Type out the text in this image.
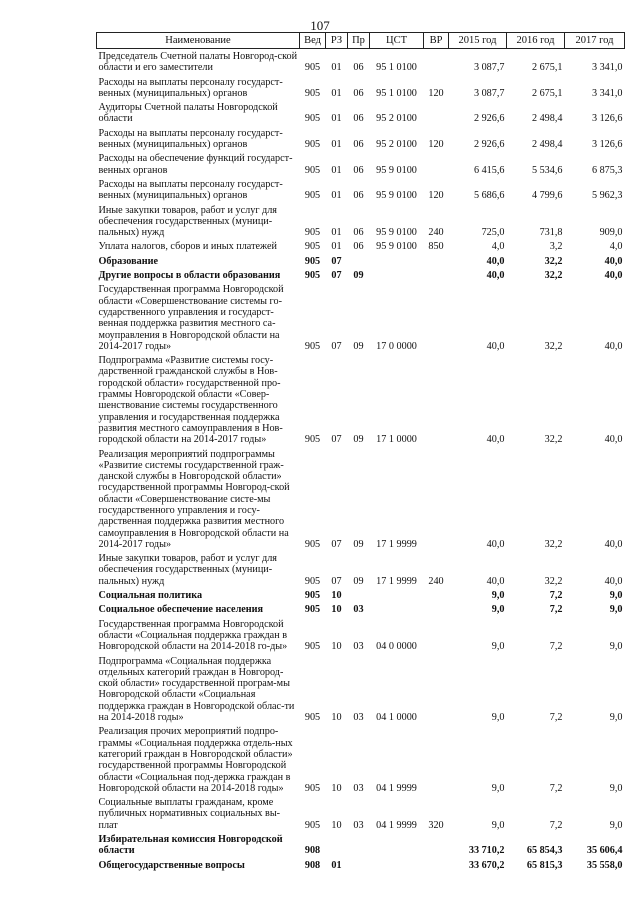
107
Наименование	Вед	РЗ	Пр	ЦСТ	ВР	2015 год	2016 год	2017 год
Председатель Счетной палаты Новгород-ской области и его заместители	905	01	06	95 1 0100		3 087,7	2 675,1	3 341,0
Расходы на выплаты персоналу государст-венных (муниципальных) органов	905	01	06	95 1 0100	120	3 087,7	2 675,1	3 341,0
Аудиторы Счетной палаты Новгородской области	905	01	06	95 2 0100		2 926,6	2 498,4	3 126,6
Расходы на выплаты персоналу государст-венных (муниципальных) органов	905	01	06	95 2 0100	120	2 926,6	2 498,4	3 126,6
Расходы на обеспечение функций государст-венных органов	905	01	06	95 9 0100		6 415,6	5 534,6	6 875,3
Расходы на выплаты персоналу государст-венных (муниципальных) органов	905	01	06	95 9 0100	120	5 686,6	4 799,6	5 962,3
Иные закупки товаров, работ и услуг для обеспечения государственных (муници-пальных) нужд	905	01	06	95 9 0100	240	725,0	731,8	909,0
Уплата налогов, сборов и иных платежей	905	01	06	95 9 0100	850	4,0	3,2	4,0
Образование	905	07				40,0	32,2	40,0
Другие вопросы в области образования	905	07	09			40,0	32,2	40,0
Государственная программа Новгородской области «Совершенствование системы го-сударственного управления и государст-венная поддержка развития местного са-моуправления в Новгородской области на 2014-2017 годы»	905	07	09	17 0 0000		40,0	32,2	40,0
Подпрограмма «Развитие системы госу-дарственной гражданской службы в Нов-городской области» государственной про-граммы Новгородской области «Совер-шенствование системы государственного управления и государственная поддержка развития местного самоуправления в Нов-городской области на 2014-2017 годы»	905	07	09	17 1 0000		40,0	32,2	40,0
Реализация мероприятий подпрограммы «Развитие системы государственной граж-данской службы в Новгородской области» государственной программы Новгород-ской области «Совершенствование систе-мы государственного управления и госу-дарственная поддержка развития местного самоуправления в Новгородской области на 2014-2017 годы»	905	07	09	17 1 9999		40,0	32,2	40,0
Иные закупки товаров, работ и услуг для обеспечения государственных (муници-пальных) нужд	905	07	09	17 1 9999	240	40,0	32,2	40,0
Социальная политика	905	10				9,0	7,2	9,0
Социальное обеспечение населения	905	10	03			9,0	7,2	9,0
Государственная программа Новгородской области «Социальная поддержка граждан в Новгородской области на 2014-2018 го-ды»	905	10	03	04 0 0000		9,0	7,2	9,0
Подпрограмма «Социальная поддержка отдельных категорий граждан в Новгород-ской области» государственной програм-мы Новгородской области «Социальная поддержка граждан в Новгородской облас-ти на 2014-2018 годы»	905	10	03	04 1 0000		9,0	7,2	9,0
Реализация прочих мероприятий подпро-граммы «Социальная поддержка отдель-ных категорий граждан в Новгородской области» государственной программы Новгородской области «Социальная под-держка граждан в Новгородской области на 2014-2018 годы»	905	10	03	04 1 9999		9,0	7,2	9,0
Социальные выплаты гражданам, кроме публичных нормативных социальных вы-плат	905	10	03	04 1 9999	320	9,0	7,2	9,0
Избирательная комиссия Новгородской области	908					33 710,2	65 854,3	35 606,4
Общегосударственные вопросы	908	01				33 670,2	65 815,3	35 558,0
